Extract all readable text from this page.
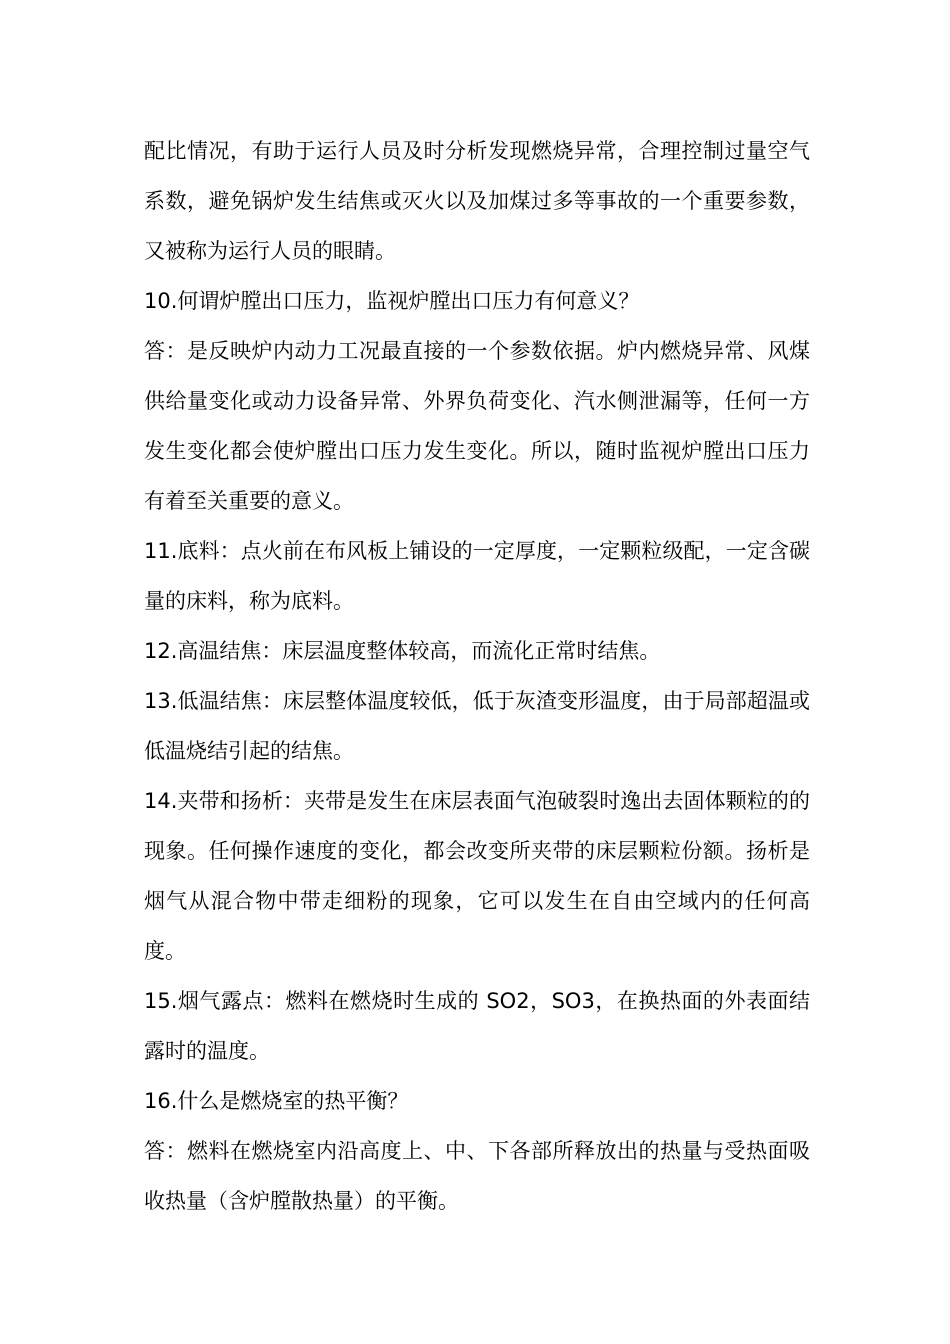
配比情况，有助于运行人员及时分析发现燃烧异常，合理控制过量空气系数，避免锅炉发生结焦或灭火以及加煤过多等事故的一个重要参数，又被称为运行人员的眼睛。

10.何谓炉膛出口压力，监视炉膛出口压力有何意义？

答：是反映炉内动力工况最直接的一个参数依据。炉内燃烧异常、风煤供给量变化或动力设备异常、外界负荷变化、汽水侧泄漏等，任何一方发生变化都会使炉膛出口压力发生变化。所以，随时监视炉膛出口压力有着至关重要的意义。

11.底料：点火前在布风板上铺设的一定厚度，一定颗粒级配，一定含碳量的床料，称为底料。

12.高温结焦：床层温度整体较高，而流化正常时结焦。

13.低温结焦：床层整体温度较低，低于灰渣变形温度，由于局部超温或低温烧结引起的结焦。

14.夹带和扬析：夹带是发生在床层表面气泡破裂时逸出去固体颗粒的的现象。任何操作速度的变化，都会改变所夹带的床层颗粒份额。扬析是烟气从混合物中带走细粉的现象，它可以发生在自由空域内的任何高度。

15.烟气露点：燃料在燃烧时生成的 SO2，SO3，在换热面的外表面结露时的温度。

16.什么是燃烧室的热平衡？

答：燃料在燃烧室内沿高度上、中、下各部所释放出的热量与受热面吸收热量（含炉膛散热量）的平衡。
